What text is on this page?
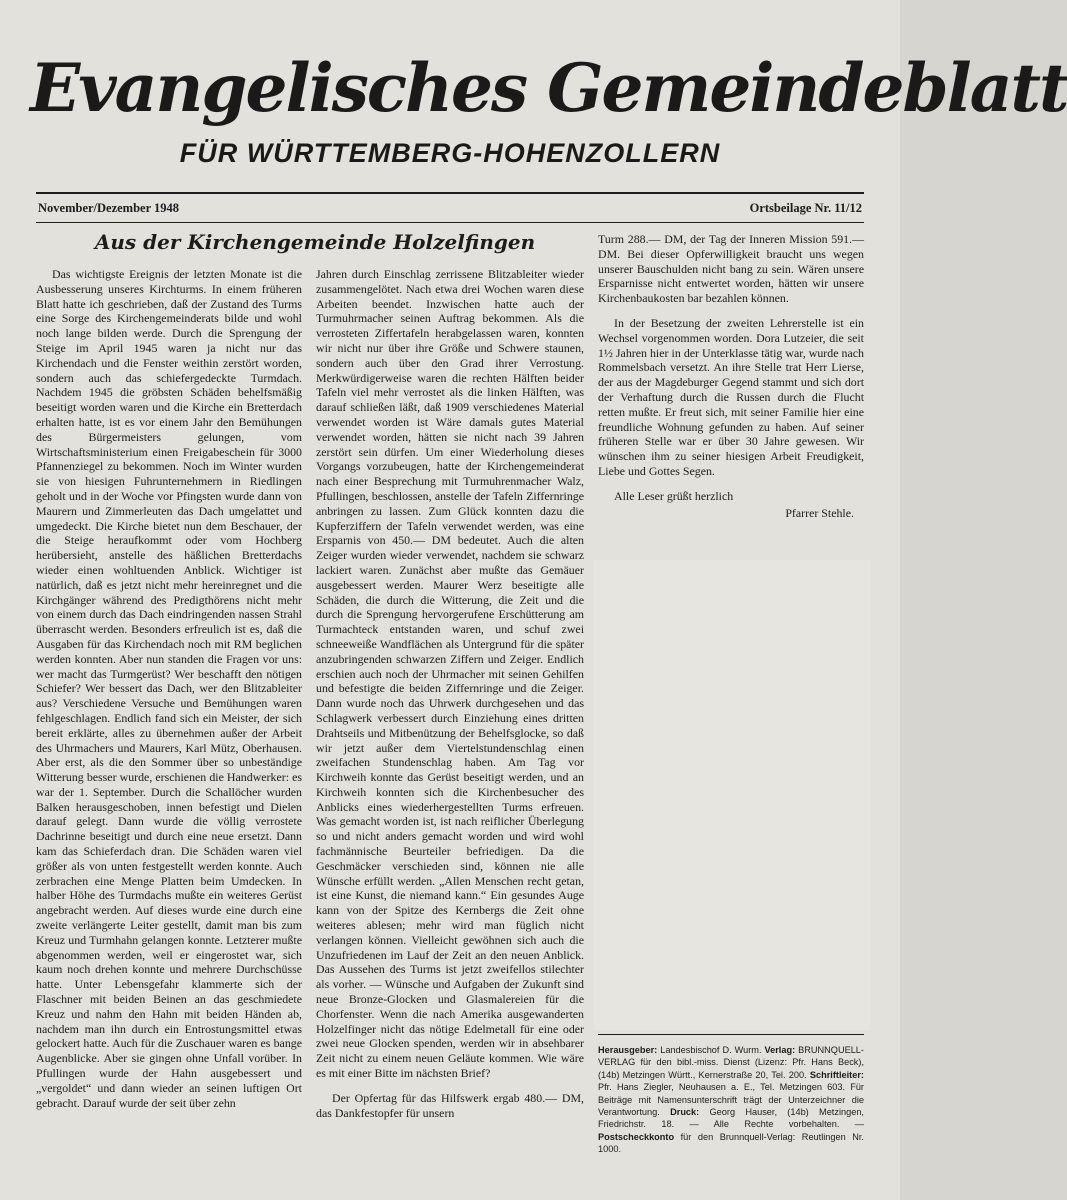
Evangelisches Gemeindeblatt
FÜR WÜRTTEMBERG-HOHENZOLLERN
November/Dezember 1948	Ortsbeilage Nr. 11/12
Aus der Kirchengemeinde Holzelfingen

Das wichtigste Ereignis der letzten Monate ist die Ausbesserung unseres Kirchturms. In einem früheren Blatt hatte ich geschrieben, daß der Zustand des Turms eine Sorge des Kirchengemeinderats bilde und wohl noch lange bilden werde. Durch die Sprengung der Steige im April 1945 waren ja nicht nur das Kirchendach und die Fenster weithin zerstört worden, sondern auch das schiefergedeckte Turmdach. Nachdem 1945 die gröbsten Schäden behelfsmäßig beseitigt worden waren und die Kirche ein Bretterdach erhalten hatte, ist es vor einem Jahr den Bemühungen des Bürgermeisters gelungen, vom Wirtschaftsministerium einen Freigabeschein für 3000 Pfannenziegel zu bekommen. Noch im Winter wurden sie von hiesigen Fuhrunternehmern in Riedlingen geholt und in der Woche vor Pfingsten wurde dann von Maurern und Zimmerleuten das Dach umgelattet und umgedeckt. Die Kirche bietet nun dem Beschauer, der die Steige heraufkommt oder vom Hochberg herübersieht, anstelle des häßlichen Bretterdachs wieder einen wohltuenden Anblick. Wichtiger ist natürlich, daß es jetzt nicht mehr hereinregnet und die Kirchgänger während des Predigthörens nicht mehr von einem durch das Dach eindringenden nassen Strahl überrascht werden. Besonders erfreulich ist es, daß die Ausgaben für das Kirchendach noch mit RM beglichen werden konnten. Aber nun standen die Fragen vor uns: wer macht das Turmgerüst? Wer beschafft den nötigen Schiefer? Wer bessert das Dach, wer den Blitzableiter aus? Verschiedene Versuche und Bemühungen waren fehlgeschlagen. Endlich fand sich ein Meister, der sich bereit erklärte, alles zu übernehmen außer der Arbeit des Uhrmachers und Maurers, Karl Mütz, Oberhausen. Aber erst, als die den Sommer über so unbeständige Witterung besser wurde, erschienen die Handwerker: es war der 1. September. Durch die Schallöcher wurden Balken herausgeschoben, innen befestigt und Dielen darauf gelegt. Dann wurde die völlig verrostete Dachrinne beseitigt und durch eine neue ersetzt. Dann kam das Schieferdach dran. Die Schäden waren viel größer als von unten festgestellt werden konnte. Auch zerbrachen eine Menge Platten beim Umdecken. In halber Höhe des Turmdachs mußte ein weiteres Gerüst angebracht werden. Auf dieses wurde eine durch eine zweite verlängerte Leiter gestellt, damit man bis zum Kreuz und Turmhahn gelangen konnte. Letzterer mußte abgenommen werden, weil er eingerostet war, sich kaum noch drehen konnte und mehrere Durchschüsse hatte. Unter Lebensgefahr klammerte sich der Flaschner mit beiden Beinen an das geschmiedete Kreuz und nahm den Hahn mit beiden Händen ab, nachdem man ihn durch ein Entrostungsmittel etwas gelockert hatte. Auch für die Zuschauer waren es bange Augenblicke. Aber sie gingen ohne Unfall vorüber. In Pfullingen wurde der Hahn ausgebessert und „vergoldet“ und dann wieder an seinen luftigen Ort gebracht. Darauf wurde der seit über zehn

Jahren durch Einschlag zerrissene Blitzableiter wieder zusammengelötet. Nach etwa drei Wochen waren diese Arbeiten beendet. Inzwischen hatte auch der Turmuhrmacher seinen Auftrag bekommen. Als die verrosteten Ziffertafeln herabgelassen waren, konnten wir nicht nur über ihre Größe und Schwere staunen, sondern auch über den Grad ihrer Verrostung. Merkwürdigerweise waren die rechten Hälften beider Tafeln viel mehr verrostet als die linken Hälften, was darauf schließen läßt, daß 1909 verschiedenes Material verwendet worden ist Wäre damals gutes Material verwendet worden, hätten sie nicht nach 39 Jahren zerstört sein dürfen. Um einer Wiederholung dieses Vorgangs vorzubeugen, hatte der Kirchengemeinderat nach einer Besprechung mit Turmuhrenmacher Walz, Pfullingen, beschlossen, anstelle der Tafeln Ziffernringe anbringen zu lassen. Zum Glück konnten dazu die Kupferziffern der Tafeln verwendet werden, was eine Ersparnis von 450.— DM bedeutet. Auch die alten Zeiger wurden wieder verwendet, nachdem sie schwarz lackiert waren. Zunächst aber mußte das Gemäuer ausgebessert werden. Maurer Werz beseitigte alle Schäden, die durch die Witterung, die Zeit und die durch die Sprengung hervorgerufene Erschütterung am Turmachteck entstanden waren, und schuf zwei schneeweiße Wandflächen als Untergrund für die später anzubringenden schwarzen Ziffern und Zeiger. Endlich erschien auch noch der Uhrmacher mit seinen Gehilfen und befestigte die beiden Ziffernringe und die Zeiger. Dann wurde noch das Uhrwerk durchgesehen und das Schlagwerk verbessert durch Einziehung eines dritten Drahtseils und Mitbenützung der Behelfsglocke, so daß wir jetzt außer dem Viertelstundenschlag einen zweifachen Stundenschlag haben. Am Tag vor Kirchweih konnte das Gerüst beseitigt werden, und an Kirchweih konnten sich die Kirchenbesucher des Anblicks eines wiederhergestellten Turms erfreuen. Was gemacht worden ist, ist nach reiflicher Überlegung so und nicht anders gemacht worden und wird wohl fachmännische Beurteiler befriedigen. Da die Geschmäcker verschieden sind, können nie alle Wünsche erfüllt werden. „Allen Menschen recht getan, ist eine Kunst, die niemand kann.“ Ein gesundes Auge kann von der Spitze des Kernbergs die Zeit ohne weiteres ablesen; mehr wird man füglich nicht verlangen können. Vielleicht gewöhnen sich auch die Unzufriedenen im Lauf der Zeit an den neuen Anblick. Das Aussehen des Turms ist jetzt zweifellos stilechter als vorher. — Wünsche und Aufgaben der Zukunft sind neue Bronze-Glocken und Glasmalereien für die Chorfenster. Wenn die nach Amerika ausgewanderten Holzelfinger nicht das nötige Edelmetall für eine oder zwei neue Glocken spenden, werden wir in absehbarer Zeit nicht zu einem neuen Geläute kommen. Wie wäre es mit einer Bitte im nächsten Brief?

Der Opfertag für das Hilfswerk ergab 480.— DM, das Dankfestopfer für unsern

Turm 288.— DM, der Tag der Inneren Mission 591.— DM. Bei dieser Opferwilligkeit braucht uns wegen unserer Bauschulden nicht bang zu sein. Wären unsere Ersparnisse nicht entwertet worden, hätten wir unsere Kirchenbaukosten bar bezahlen können.

In der Besetzung der zweiten Lehrerstelle ist ein Wechsel vorgenommen worden. Dora Lutzeier, die seit 1½ Jahren hier in der Unterklasse tätig war, wurde nach Rommelsbach versetzt. An ihre Stelle trat Herr Lierse, der aus der Magdeburger Gegend stammt und sich dort der Verhaftung durch die Russen durch die Flucht retten mußte. Er freut sich, mit seiner Familie hier eine freundliche Wohnung gefunden zu haben. Auf seiner früheren Stelle war er über 30 Jahre gewesen. Wir wünschen ihm zu seiner hiesigen Arbeit Freudigkeit, Liebe und Gottes Segen.

Alle Leser grüßt herzlich

Pfarrer Stehle.

Herausgeber: Landesbischof D. Wurm. Verlag: BRUNNQUELL-VERLAG für den bibl.-miss. Dienst (Lizenz: Pfr. Hans Beck), (14b) Metzingen Württ., Kernerstraße 20, Tel. 200. Schriftleiter: Pfr. Hans Ziegler, Neuhausen a. E., Tel. Metzingen 603. Für Beiträge mit Namensunterschrift trägt der Unterzeichner die Verantwortung. Druck: Georg Hauser, (14b) Metzingen, Friedrichstr. 18. — Alle Rechte vorbehalten. — Postscheckkonto für den Brunnquell-Verlag: Reutlingen Nr. 1000.
